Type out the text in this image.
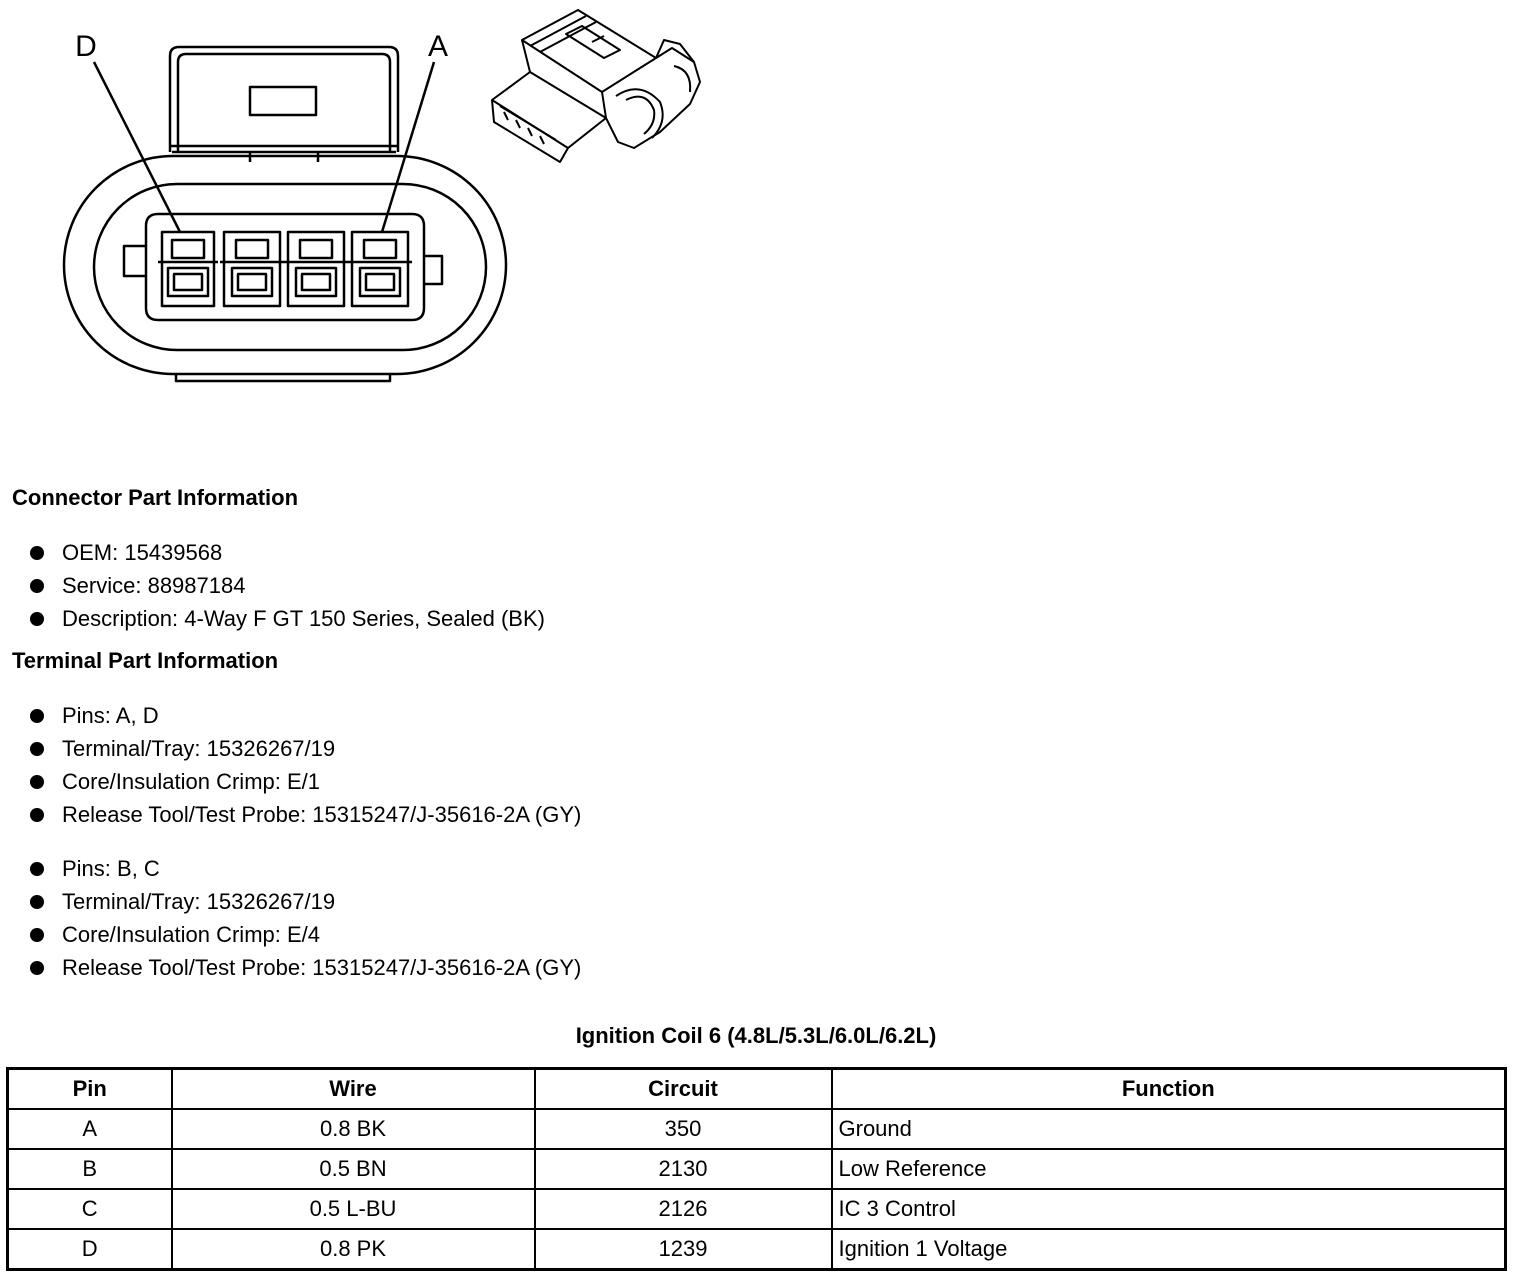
D	A
Connector Part Information
OEM: 15439568
Service: 88987184
Description: 4-Way F GT 150 Series, Sealed (BK)
Terminal Part Information
Pins: A, D
Terminal/Tray: 15326267/19
Core/Insulation Crimp: E/1
Release Tool/Test Probe: 15315247/J-35616-2A (GY)
Pins: B, C
Terminal/Tray: 15326267/19
Core/Insulation Crimp: E/4
Release Tool/Test Probe: 15315247/J-35616-2A (GY)
Ignition Coil 6 (4.8L/5.3L/6.0L/6.2L)
Pin	Wire	Circuit	Function
A	0.8 BK	350	Ground
B	0.5 BN	2130	Low Reference
C	0.5 L-BU	2126	IC 3 Control
D	0.8 PK	1239	Ignition 1 Voltage
